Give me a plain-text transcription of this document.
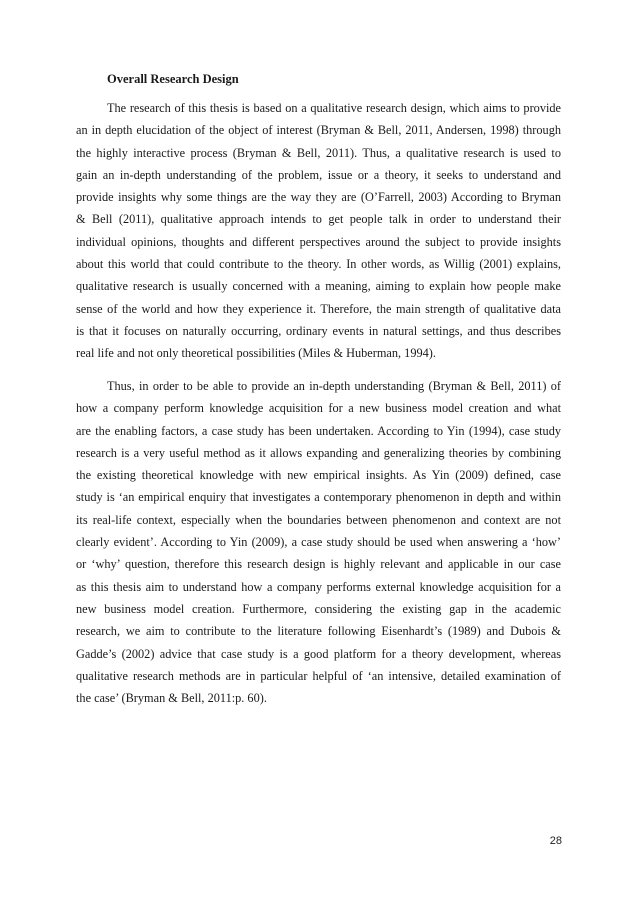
Overall Research Design
The research of this thesis is based on a qualitative research design, which aims to provide
an in depth elucidation of the object of interest (Bryman & Bell, 2011, Andersen, 1998) through
the highly interactive process (Bryman & Bell, 2011). Thus, a qualitative research is used to
gain an in-depth understanding of the problem, issue or a theory, it seeks to understand and
provide insights why some things are the way they are (O’Farrell, 2003) According to Bryman
& Bell (2011), qualitative approach intends to get people talk in order to understand their
individual opinions, thoughts and different perspectives around the subject to provide insights
about this world that could contribute to the theory. In other words, as Willig (2001) explains,
qualitative research is usually concerned with a meaning, aiming to explain how people make
sense of the world and how they experience it. Therefore, the main strength of qualitative data
is that it focuses on naturally occurring, ordinary events in natural settings, and thus describes
real life and not only theoretical possibilities (Miles & Huberman, 1994).
Thus, in order to be able to provide an in-depth understanding (Bryman & Bell, 2011) of
how a company perform knowledge acquisition for a new business model creation and what
are the enabling factors, a case study has been undertaken. According to Yin (1994), case study
research is a very useful method as it allows expanding and generalizing theories by combining
the existing theoretical knowledge with new empirical insights. As Yin (2009) defined, case
study is ‘an empirical enquiry that investigates a contemporary phenomenon in depth and within
its real-life context, especially when the boundaries between phenomenon and context are not
clearly evident’. According to Yin (2009), a case study should be used when answering a ‘how’
or ‘why’ question, therefore this research design is highly relevant and applicable in our case
as this thesis aim to understand how a company performs external knowledge acquisition for a
new business model creation. Furthermore, considering the existing gap in the academic
research, we aim to contribute to the literature following Eisenhardt’s (1989) and Dubois &
Gadde’s (2002) advice that case study is a good platform for a theory development, whereas
qualitative research methods are in particular helpful of ‘an intensive, detailed examination of
the case’ (Bryman & Bell, 2011:p. 60).
28
